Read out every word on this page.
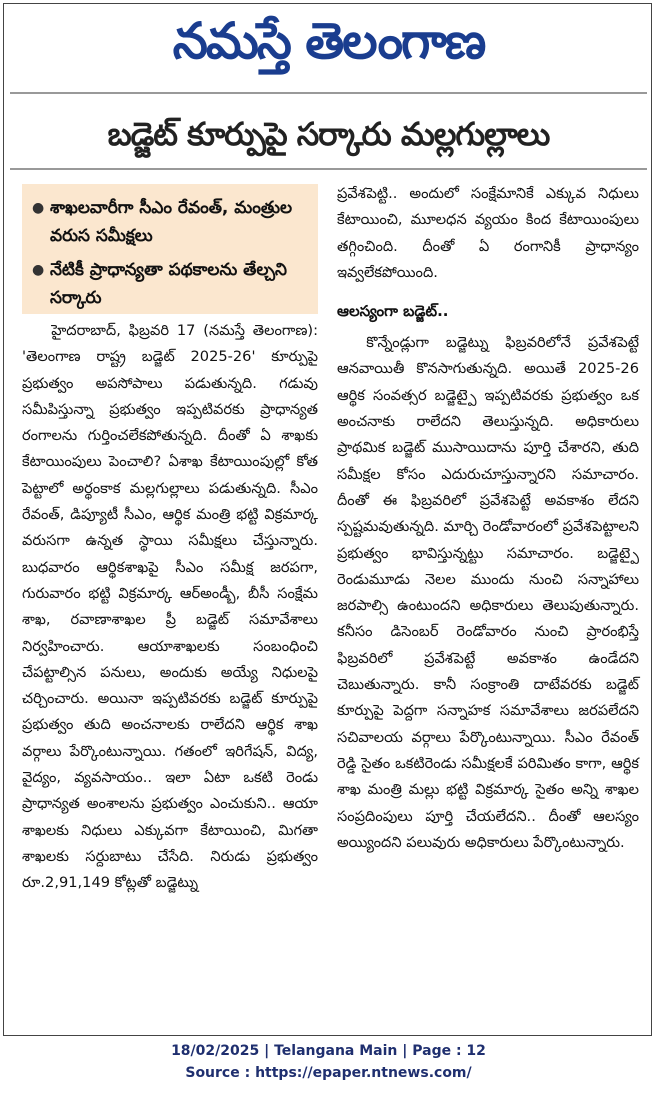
నమస్తే తెలంగాణ
బడ్జెట్ కూర్పుపై సర్కారు మల్లగుల్లాలు
● శాఖలవారీగా సీఎం రేవంత్, మంత్రుల వరుస సమీక్షలు
● నేటికీ ప్రాధాన్యతా పథకాలను తేల్చని సర్కారు

హైదరాబాద్, ఫిబ్రవరి 17 (నమస్తే తెలంగాణ): 'తెలంగాణ రాష్ట్ర బడ్జెట్ 2025-26' కూర్పుపై ప్రభుత్వం అపసోపాలు పడుతున్నది. గడువు సమీపిస్తున్నా ప్రభుత్వం ఇప్పటివరకు ప్రాధాన్యత రంగాలను గుర్తించలేకపోతున్నది. దీంతో ఏ శాఖకు కేటాయింపులు పెంచాలి? ఏశాఖ కేటాయింపుల్లో కోత పెట్టాలో అర్థంకాక మల్లగుల్లాలు పడుతున్నది. సీఎం రేవంత్, డిప్యూటీ సీఎం, ఆర్థిక మంత్రి భట్టి విక్రమార్క వరుసగా ఉన్నత స్థాయి సమీక్షలు చేస్తున్నారు. బుధవారం ఆర్థికశాఖపై సీఎం సమీక్ష జరపగా, గురువారం భట్టి విక్రమార్క ఆర్అండ్బీ, బీసీ సంక్షేమ శాఖ, రవాణాశాఖల ప్రీ బడ్జెట్ సమావేశాలు నిర్వహించారు. ఆయాశాఖలకు సంబంధించి చేపట్టాల్సిన పనులు, అందుకు అయ్యే నిధులపై చర్చించారు. అయినా ఇప్పటివరకు బడ్జెట్ కూర్పుపై ప్రభుత్వం తుది అంచనాలకు రాలేదని ఆర్థిక శాఖ వర్గాలు పేర్కొంటున్నాయి. గతంలో ఇరిగేషన్, విద్య, వైద్యం, వ్యవసాయం.. ఇలా ఏటా ఒకటి రెండు ప్రాధాన్యత అంశాలను ప్రభుత్వం ఎంచుకుని.. ఆయా శాఖలకు నిధులు ఎక్కువగా కేటాయించి, మిగతా శాఖలకు సర్దుబాటు చేసేది. నిరుడు ప్రభుత్వం రూ.2,91,149 కోట్లతో బడ్జెట్ను

ప్రవేశపెట్టి.. అందులో సంక్షేమానికే ఎక్కువ నిధులు కేటాయించి, మూలధన వ్యయం కింద కేటాయింపులు తగ్గించింది. దీంతో ఏ రంగానికీ ప్రాధాన్యం ఇవ్వలేకపోయింది.

ఆలస్యంగా బడ్జెట్..

కొన్నేండ్లుగా బడ్జెట్ను ఫిబ్రవరిలోనే ప్రవేశపెట్టే ఆనవాయితీ కొనసాగుతున్నది. అయితే 2025-26 ఆర్థిక సంవత్సర బడ్జెట్పై ఇప్పటివరకు ప్రభుత్వం ఒక అంచనాకు రాలేదని తెలుస్తున్నది. అధికారులు ప్రాథమిక బడ్జెట్ ముసాయిదాను పూర్తి చేశారని, తుది సమీక్షల కోసం ఎదురుచూస్తున్నారని సమాచారం. దీంతో ఈ ఫిబ్రవరిలో ప్రవేశపెట్టే అవకాశం లేదని స్పష్టమవుతున్నది. మార్చి రెండోవారంలో ప్రవేశపెట్టాలని ప్రభుత్వం భావిస్తున్నట్టు సమాచారం. బడ్జెట్పై రెండుమూడు నెలల ముందు నుంచి సన్నాహాలు జరపాల్సి ఉంటుందని అధికారులు తెలుపుతున్నారు. కనీసం డిసెంబర్ రెండోవారం నుంచి ప్రారంభిస్తే ఫిబ్రవరిలో ప్రవేశపెట్టే అవకాశం ఉండేదని చెబుతున్నారు. కానీ సంక్రాంతి దాటేవరకు బడ్జెట్ కూర్పుపై పెద్దగా సన్నాహక సమావేశాలు జరపలేదని సచివాలయ వర్గాలు పేర్కొంటున్నాయి. సీఎం రేవంత్ రెడ్డి సైతం ఒకటిరెండు సమీక్షలకే పరిమితం కాగా, ఆర్థిక శాఖ మంత్రి మల్లు భట్టి విక్రమార్క సైతం అన్ని శాఖల సంప్రదింపులు పూర్తి చేయలేదని.. దీంతో ఆలస్యం అయ్యిందని పలువురు అధికారులు పేర్కొంటున్నారు.

18/02/2025 | Telangana Main | Page : 12
Source : https://epaper.ntnews.com/
